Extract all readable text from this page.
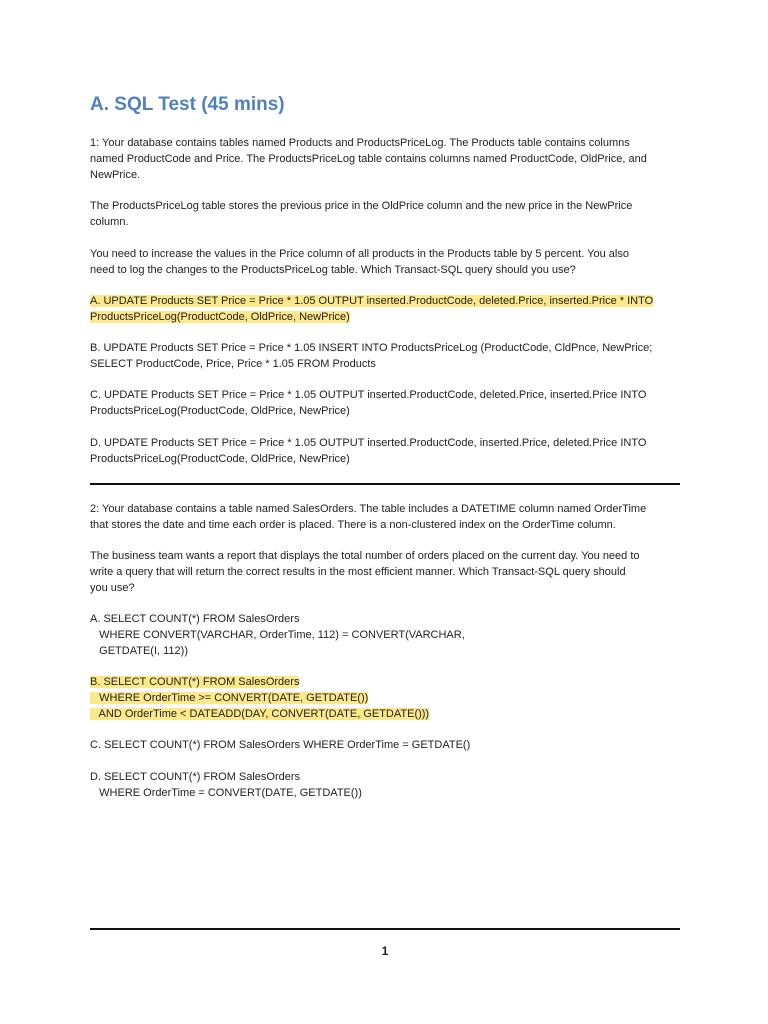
A. SQL Test (45 mins)

1: Your database contains tables named Products and ProductsPriceLog. The Products table contains columns
named ProductCode and Price. The ProductsPriceLog table contains columns named ProductCode, OldPrice, and
NewPrice.

The ProductsPriceLog table stores the previous price in the OldPrice column and the new price in the NewPrice
column.

You need to increase the values in the Price column of all products in the Products table by 5 percent. You also
need to log the changes to the ProductsPriceLog table. Which Transact-SQL query should you use?

A. UPDATE Products SET Price = Price * 1.05 OUTPUT inserted.ProductCode, deleted.Price, inserted.Price * INTO
ProductsPriceLog(ProductCode, OldPrice, NewPrice)

B. UPDATE Products SET Price = Price * 1.05 INSERT INTO ProductsPriceLog (ProductCode, CldPnce, NewPrice;
SELECT ProductCode, Price, Price * 1.05 FROM Products

C. UPDATE Products SET Price = Price * 1.05 OUTPUT inserted.ProductCode, deleted.Price, inserted.Price INTO
ProductsPriceLog(ProductCode, OldPrice, NewPrice)

D. UPDATE Products SET Price = Price * 1.05 OUTPUT inserted.ProductCode, inserted.Price, deleted.Price INTO
ProductsPriceLog(ProductCode, OldPrice, NewPrice)

2: Your database contains a table named SalesOrders. The table includes a DATETIME column named OrderTime
that stores the date and time each order is placed. There is a non-clustered index on the OrderTime column.

The business team wants a report that displays the total number of orders placed on the current day. You need to
write a query that will return the correct results in the most efficient manner. Which Transact-SQL query should
you use?

A. SELECT COUNT(*) FROM SalesOrders
WHERE CONVERT(VARCHAR, OrderTime, 112) = CONVERT(VARCHAR,
GETDATE(I, 112))

B. SELECT COUNT(*) FROM SalesOrders
WHERE OrderTime >= CONVERT(DATE, GETDATE())
AND OrderTime < DATEADD(DAY, CONVERT(DATE, GETDATE()))

C. SELECT COUNT(*) FROM SalesOrders WHERE OrderTime = GETDATE()

D. SELECT COUNT(*) FROM SalesOrders
WHERE OrderTime = CONVERT(DATE, GETDATE())

1
